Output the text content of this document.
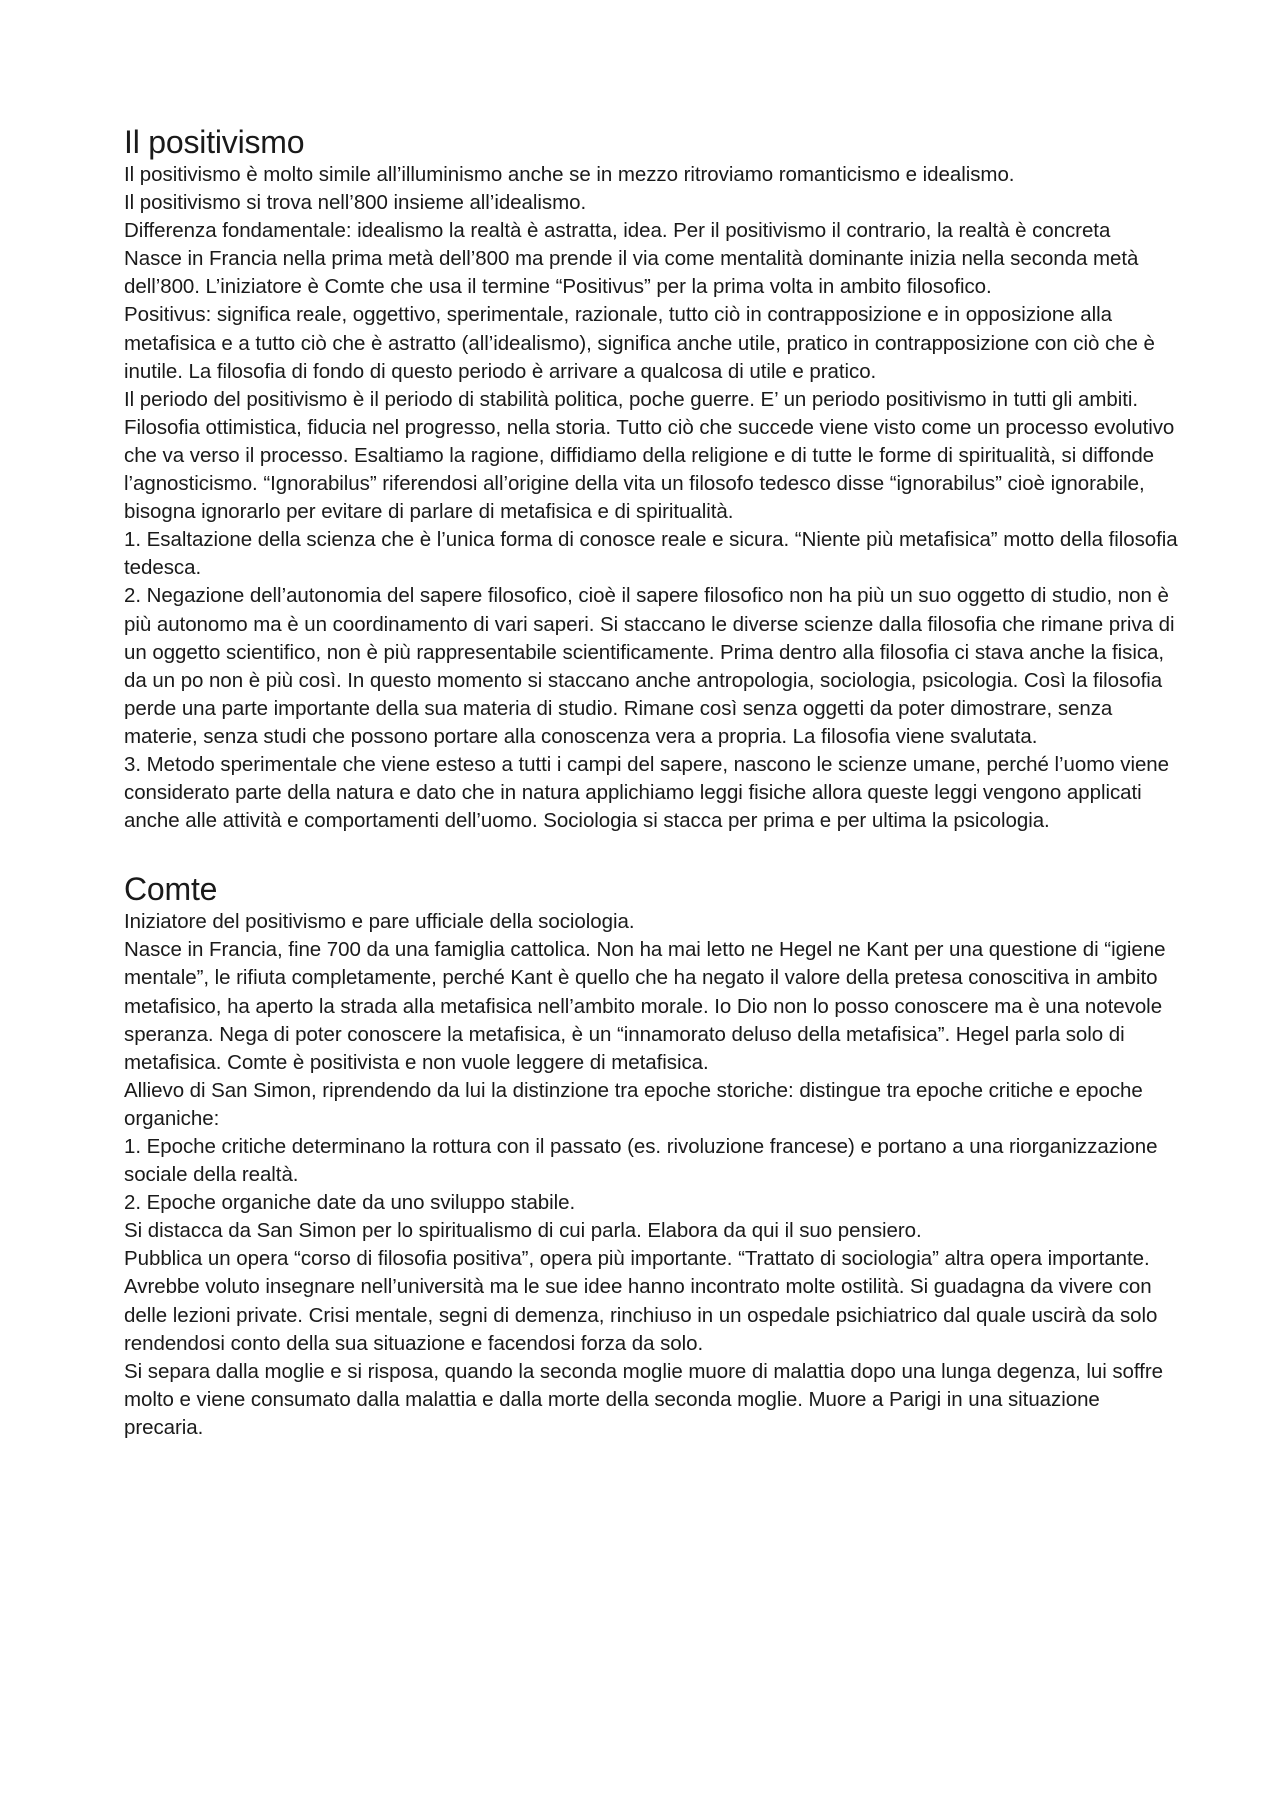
Il positivismo

Il positivismo è molto simile all’illuminismo anche se in mezzo ritroviamo romanticismo e idealismo.

Il positivismo si trova nell’800 insieme all’idealismo.

Differenza fondamentale: idealismo la realtà è astratta, idea. Per il positivismo il contrario, la realtà è concreta

Nasce in Francia nella prima metà dell’800 ma prende il via come mentalità dominante inizia nella seconda metà dell’800. L’iniziatore è Comte che usa il termine “Positivus” per la prima volta in ambito filosofico.

Positivus: significa reale, oggettivo, sperimentale, razionale, tutto ciò in contrapposizione e in opposizione alla metafisica e a tutto ciò che è astratto (all’idealismo), significa anche utile, pratico in contrapposizione con ciò che è inutile. La filosofia di fondo di questo periodo è arrivare a qualcosa di utile e pratico.

Il periodo del positivismo è il periodo di stabilità politica, poche guerre. E’ un periodo positivismo in tutti gli ambiti. Filosofia ottimistica, fiducia nel progresso, nella storia. Tutto ciò che succede viene visto come un processo evolutivo che va verso il processo. Esaltiamo la ragione, diffidiamo della religione e di tutte le forme di spiritualità, si diffonde l’agnosticismo. “Ignorabilus” riferendosi all’origine della vita un filosofo tedesco disse “ignorabilus” cioè ignorabile, bisogna ignorarlo per evitare di parlare di metafisica e di spiritualità.

1. Esaltazione della scienza che è l’unica forma di conosce reale e sicura. “Niente più metafisica” motto della filosofia tedesca.

2. Negazione dell’autonomia del sapere filosofico, cioè il sapere filosofico non ha più un suo oggetto di studio, non è più autonomo ma è un coordinamento di vari saperi. Si staccano le diverse scienze dalla filosofia che rimane priva di un oggetto scientifico, non è più rappresentabile scientificamente. Prima dentro alla filosofia ci stava anche la fisica, da un po non è più così. In questo momento si staccano anche antropologia, sociologia, psicologia. Così la filosofia perde una parte importante della sua materia di studio. Rimane così senza oggetti da poter dimostrare, senza materie, senza studi che possono portare alla conoscenza vera a propria. La filosofia viene svalutata.

3. Metodo sperimentale che viene esteso a tutti i campi del sapere, nascono le scienze umane, perché l’uomo viene considerato parte della natura e dato che in natura applichiamo leggi fisiche allora queste leggi vengono applicati anche alle attività e comportamenti dell’uomo. Sociologia si stacca per prima e per ultima la psicologia.

Comte

Iniziatore del positivismo e pare ufficiale della sociologia.

Nasce in Francia, fine 700 da una famiglia cattolica. Non ha mai letto ne Hegel ne Kant per una questione di “igiene mentale”, le rifiuta completamente, perché Kant è quello che ha negato il valore della pretesa conoscitiva in ambito metafisico, ha aperto la strada alla metafisica nell’ambito morale. Io Dio non lo posso conoscere ma è una notevole speranza. Nega di poter conoscere la metafisica, è un “innamorato deluso della metafisica”. Hegel parla solo di metafisica. Comte è positivista e non vuole leggere di metafisica.

Allievo di San Simon, riprendendo da lui la distinzione tra epoche storiche: distingue tra epoche critiche e epoche organiche:

1. Epoche critiche determinano la rottura con il passato (es. rivoluzione francese) e portano a una riorganizzazione sociale della realtà.

2. Epoche organiche date da uno sviluppo stabile.

Si distacca da San Simon per lo spiritualismo di cui parla. Elabora da qui il suo pensiero.

Pubblica un opera “corso di filosofia positiva”, opera più importante. “Trattato di sociologia” altra opera importante. Avrebbe voluto insegnare nell’università ma le sue idee hanno incontrato molte ostilità. Si guadagna da vivere con delle lezioni private. Crisi mentale, segni di demenza, rinchiuso in un ospedale psichiatrico dal quale uscirà da solo rendendosi conto della sua situazione e facendosi forza da solo.

Si separa dalla moglie e si risposa, quando la seconda moglie muore di malattia dopo una lunga degenza, lui soffre molto e viene consumato dalla malattia e dalla morte della seconda moglie. Muore a Parigi in una situazione precaria.
